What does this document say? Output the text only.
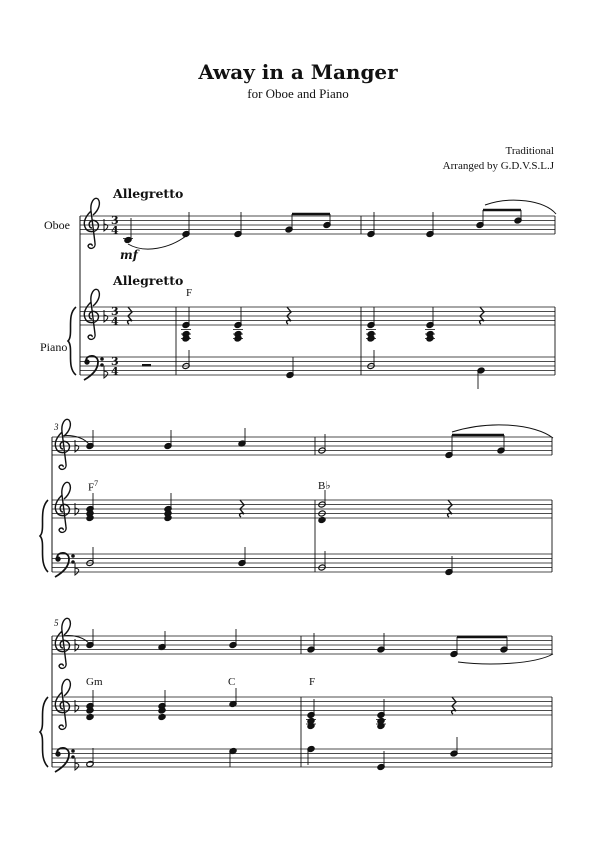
Away in a Manger
for Oboe and Piano
Traditional
Arranged by G.D.V.S.L.J
Allegretto
Allegretto
Oboe
Piano
mf
F
$F^7$	B♭
Gm	C	F
3
5
3
4
3
4
3
4
